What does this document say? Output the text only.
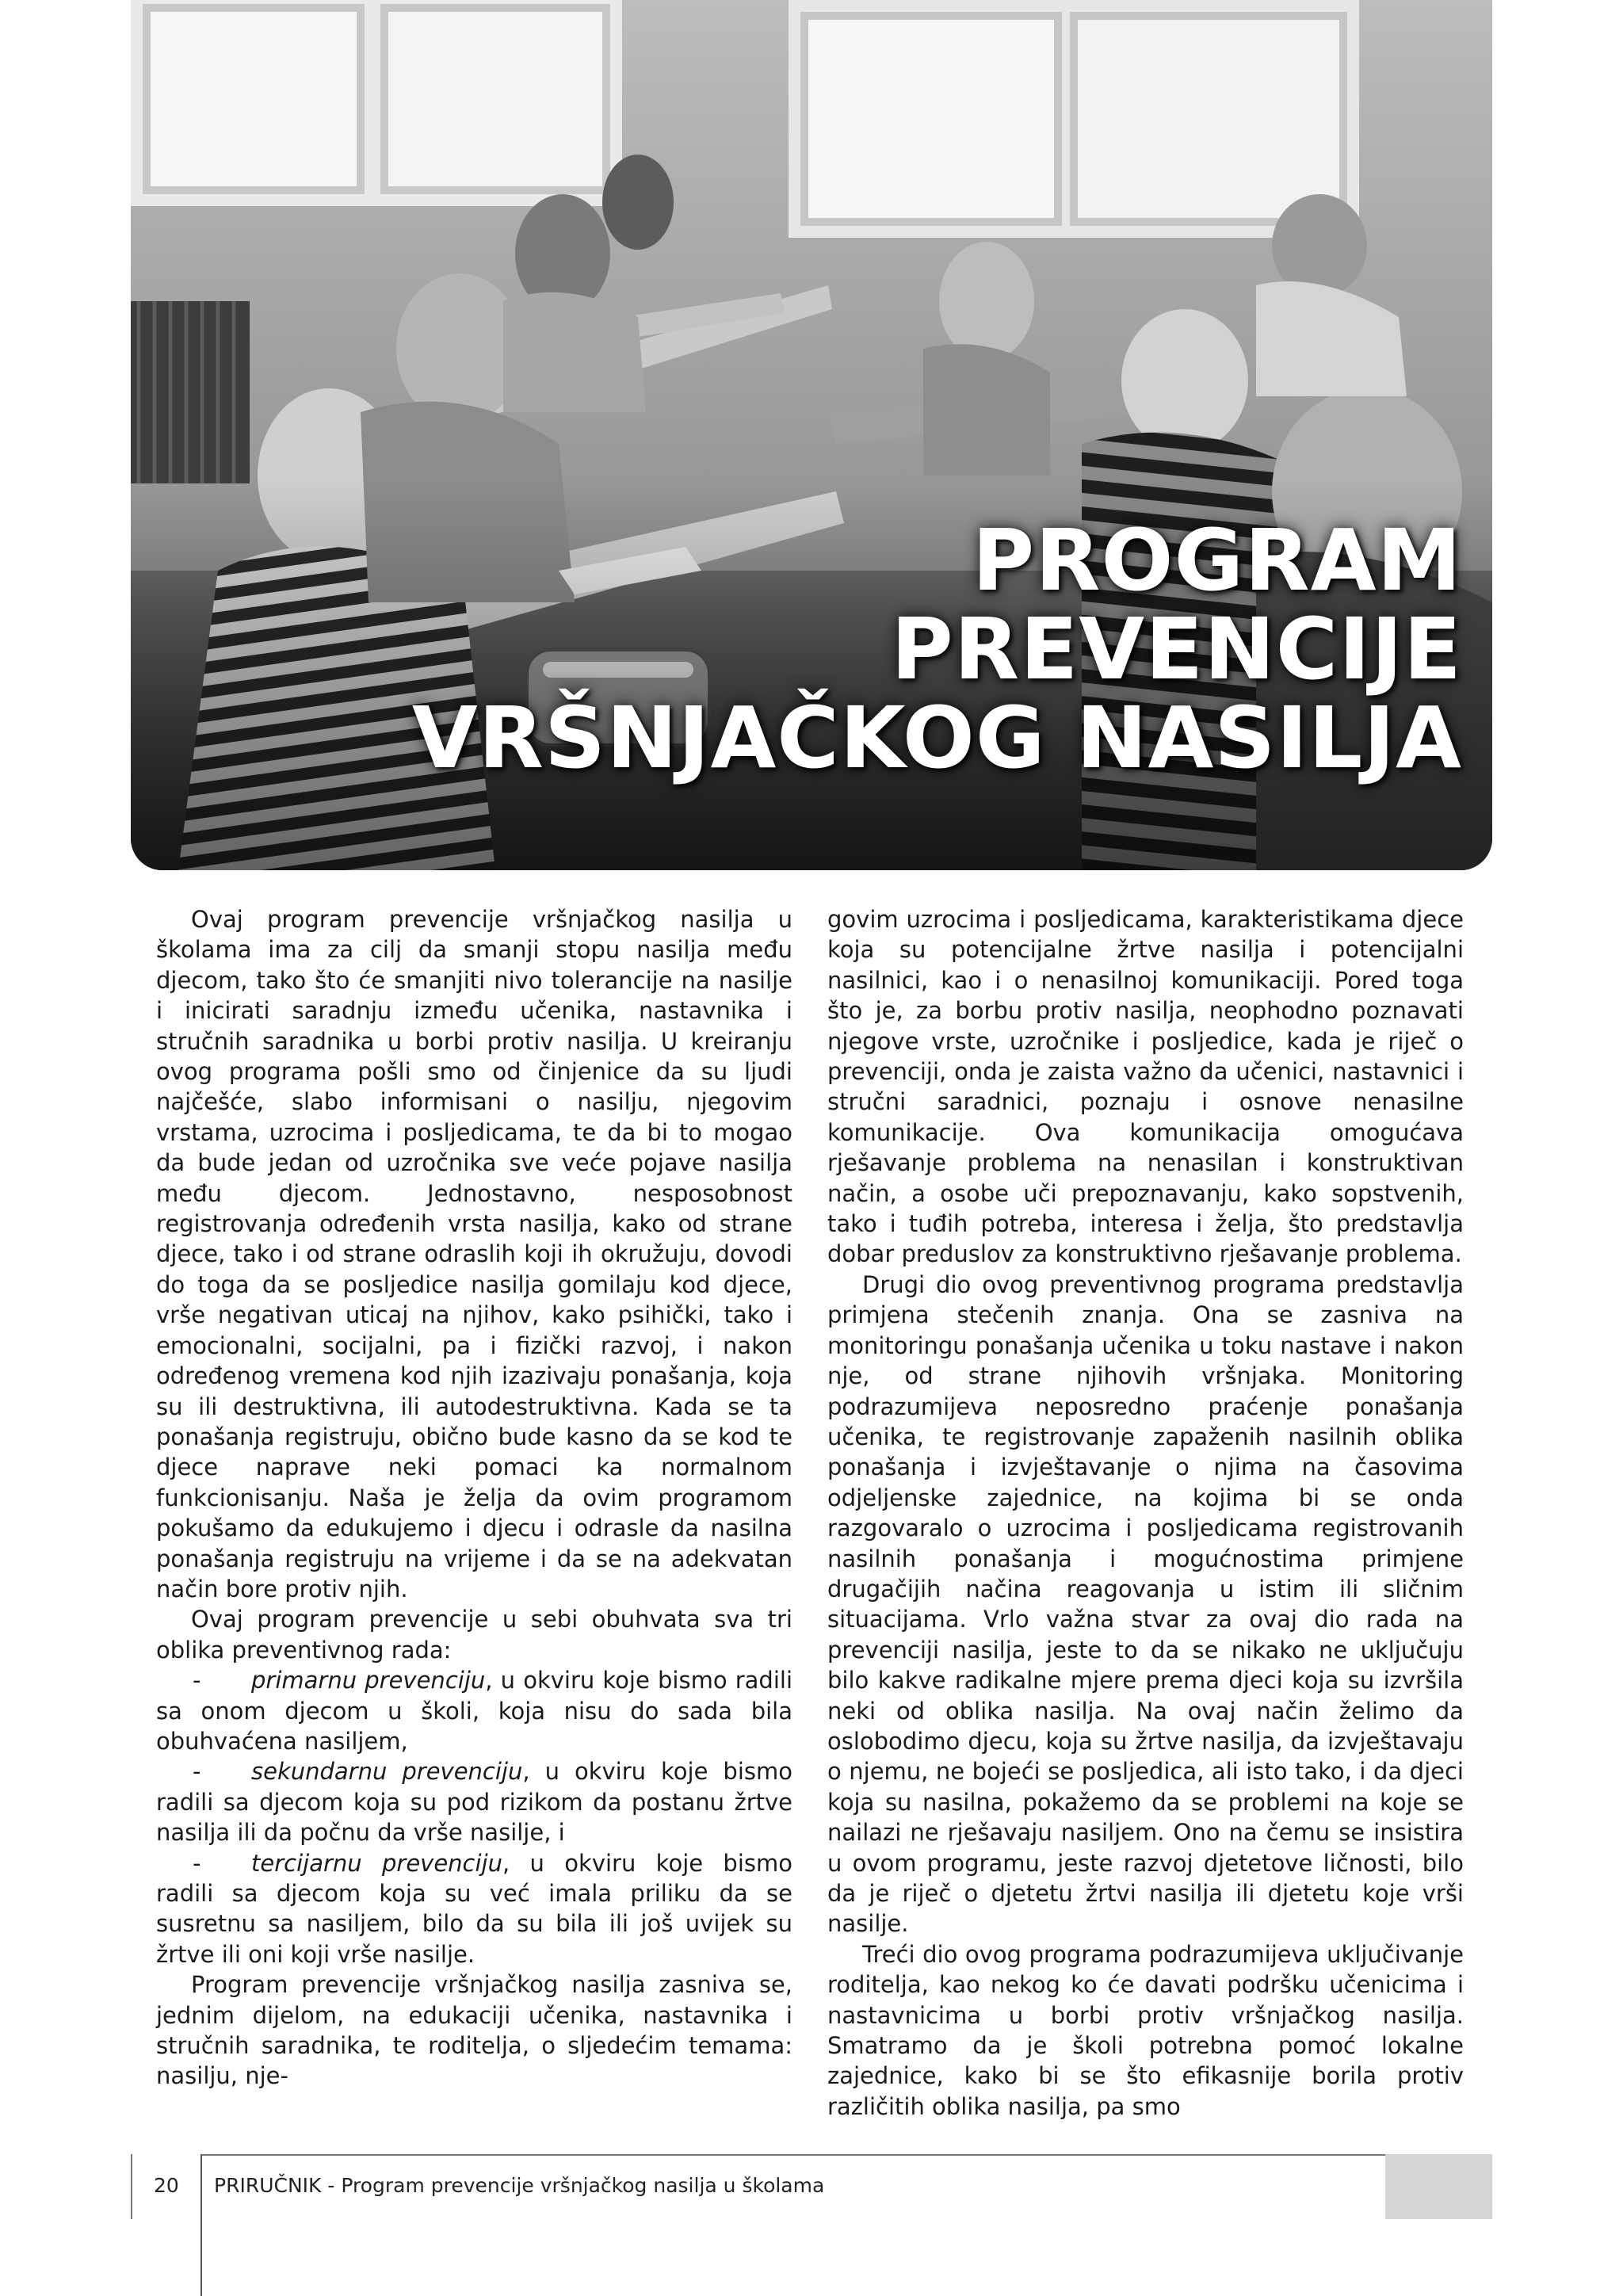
PROGRAM
PREVENCIJE
VRŠNJAČKOG NASILJA

Ovaj program prevencije vršnjačkog nasilja u školama ima za cilj da smanji stopu nasilja među djecom, tako što će smanjiti nivo tolerancije na nasilje i inicirati saradnju između učenika, nastavnika i stručnih saradnika u borbi protiv nasilja. U kreiranju ovog programa pošli smo od činjenice da su ljudi najčešće, slabo informisani o nasilju, njegovim vrstama, uzrocima i posljedicama, te da bi to mogao da bude jedan od uzročnika sve veće pojave nasilja među djecom. Jednostavno, nesposobnost registrovanja određenih vrsta nasilja, kako od strane djece, tako i od strane odraslih koji ih okružuju, dovodi do toga da se posljedice nasilja gomilaju kod djece, vrše negativan uticaj na njihov, kako psihički, tako i emocionalni, socijalni, pa i fizički razvoj, i nakon određenog vremena kod njih izazivaju ponašanja, koja su ili destruktivna, ili autodestruktivna. Kada se ta ponašanja registruju, obično bude kasno da se kod te djece naprave neki pomaci ka normalnom funkcionisanju. Naša je želja da ovim programom pokušamo da edukujemo i djecu i odrasle da nasilna ponašanja registruju na vrijeme i da se na adekvatan način bore protiv njih.

Ovaj program prevencije u sebi obuhvata sva tri oblika preventivnog rada:

- primarnu prevenciju, u okviru koje bismo radili sa onom djecom u školi, koja nisu do sada bila obuhvaćena nasiljem,

- sekundarnu prevenciju, u okviru koje bismo radili sa djecom koja su pod rizikom da postanu žrtve nasilja ili da počnu da vrše nasilje, i

- tercijarnu prevenciju, u okviru koje bismo radili sa djecom koja su već imala priliku da se susretnu sa nasiljem, bilo da su bila ili još uvijek su žrtve ili oni koji vrše nasilje.

Program prevencije vršnjačkog nasilja zasniva se, jednim dijelom, na edukaciji učenika, nastavnika i stručnih saradnika, te roditelja, o sljedećim temama: nasilju, nje-

govim uzrocima i posljedicama, karakteristikama djece koja su potencijalne žrtve nasilja i potencijalni nasilnici, kao i o nenasilnoj komunikaciji. Pored toga što je, za borbu protiv nasilja, neophodno poznavati njegove vrste, uzročnike i posljedice, kada je riječ o prevenciji, onda je zaista važno da učenici, nastavnici i stručni saradnici, poznaju i osnove nenasilne komunikacije. Ova komunikacija omogućava rješavanje problema na nenasilan i konstruktivan način, a osobe uči prepoznavanju, kako sopstvenih, tako i tuđih potreba, interesa i želja, što predstavlja dobar preduslov za konstruktivno rješavanje problema.

Drugi dio ovog preventivnog programa predstavlja primjena stečenih znanja. Ona se zasniva na monitoringu ponašanja učenika u toku nastave i nakon nje, od strane njihovih vršnjaka. Monitoring podrazumijeva neposredno praćenje ponašanja učenika, te registrovanje zapaženih nasilnih oblika ponašanja i izvještavanje o njima na časovima odjeljenske zajednice, na kojima bi se onda razgovaralo o uzrocima i posljedicama registrovanih nasilnih ponašanja i mogućnostima primjene drugačijih načina reagovanja u istim ili sličnim situacijama. Vrlo važna stvar za ovaj dio rada na prevenciji nasilja, jeste to da se nikako ne uključuju bilo kakve radikalne mjere prema djeci koja su izvršila neki od oblika nasilja. Na ovaj način želimo da oslobodimo djecu, koja su žrtve nasilja, da izvještavaju o njemu, ne bojeći se posljedica, ali isto tako, i da djeci koja su nasilna, pokažemo da se problemi na koje se nailazi ne rješavaju nasiljem. Ono na čemu se insistira u ovom programu, jeste razvoj djetetove ličnosti, bilo da je riječ o djetetu žrtvi nasilja ili djetetu koje vrši nasilje.

Treći dio ovog programa podrazumijeva uključivanje roditelja, kao nekog ko će davati podršku učenicima i nastavnicima u borbi protiv vršnjačkog nasilja. Smatramo da je školi potrebna pomoć lokalne zajednice, kako bi se što efikasnije borila protiv različitih oblika nasilja, pa smo

20 PRIRUČNIK - Program prevencije vršnjačkog nasilja u školama
